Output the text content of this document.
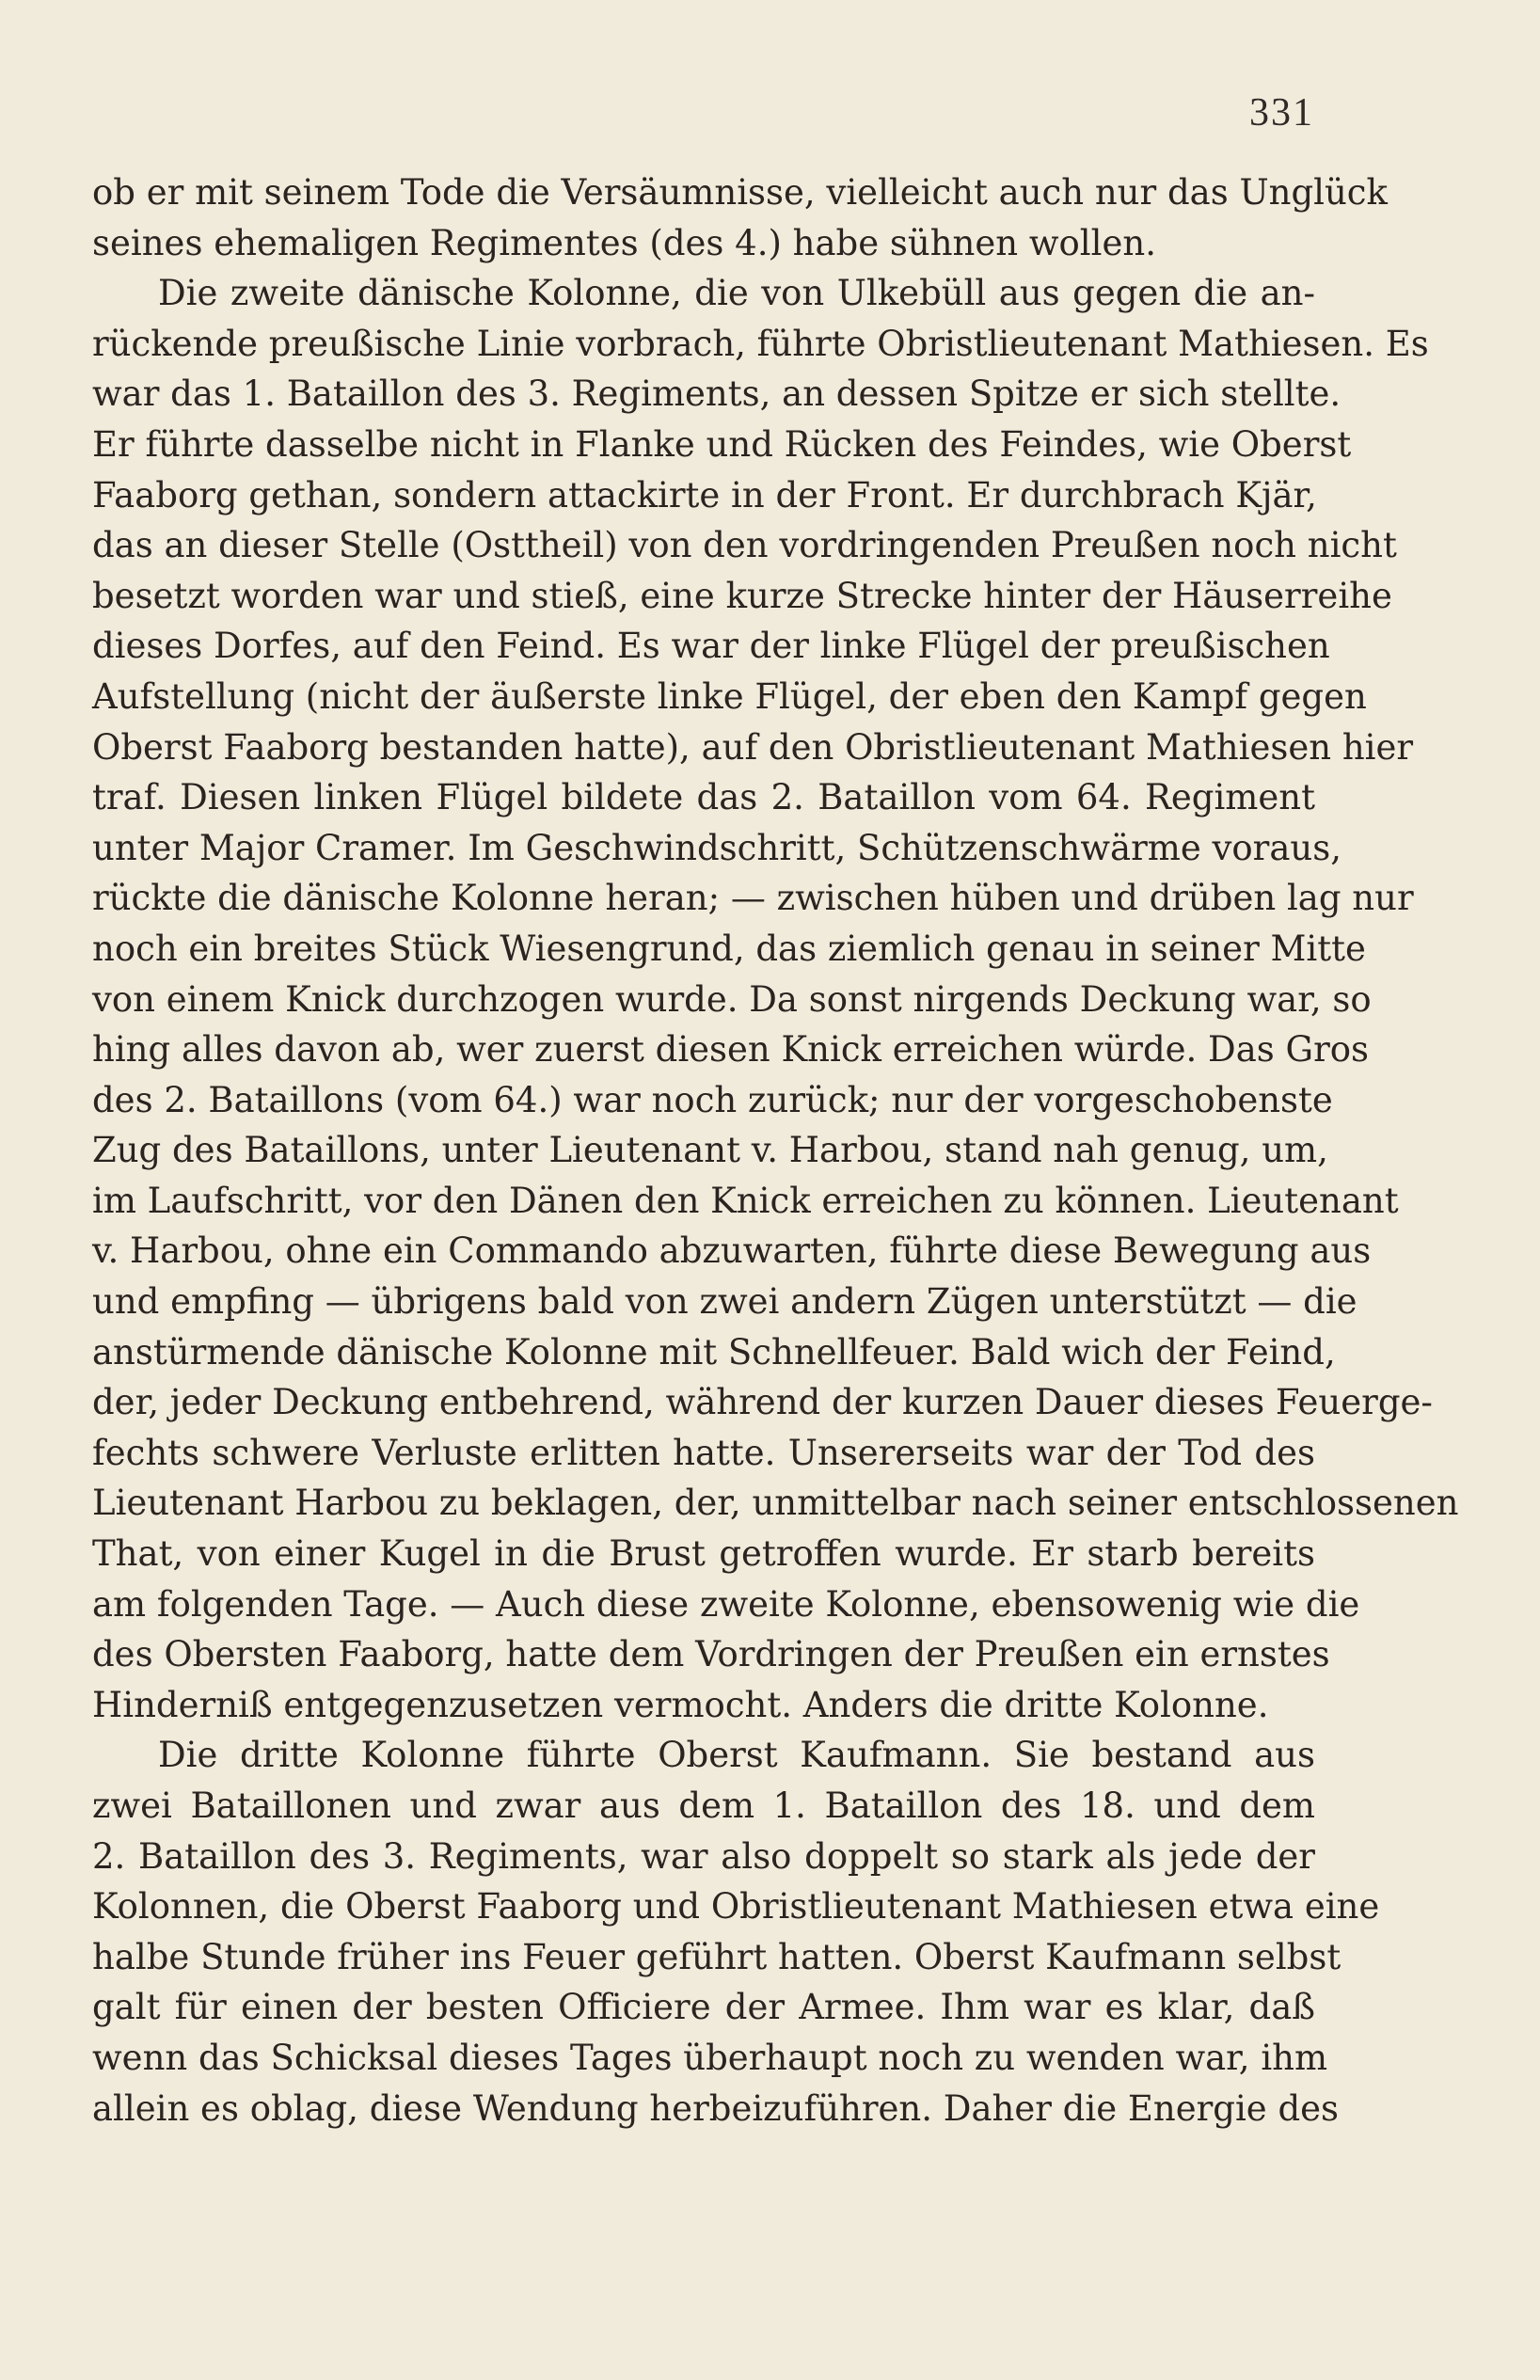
331
ob er mit seinem Tode die Versäumnisse, vielleicht auch nur das Unglück
seines ehemaligen Regimentes (des 4.) habe sühnen wollen.
Die zweite dänische Kolonne, die von Ulkebüll aus gegen die an-
rückende preußische Linie vorbrach, führte Obristlieutenant Mathiesen. Es
war das 1. Bataillon des 3. Regiments, an dessen Spitze er sich stellte.
Er führte dasselbe nicht in Flanke und Rücken des Feindes, wie Oberst
Faaborg gethan, sondern attackirte in der Front. Er durchbrach Kjär,
das an dieser Stelle (Osttheil) von den vordringenden Preußen noch nicht
besetzt worden war und stieß, eine kurze Strecke hinter der Häuserreihe
dieses Dorfes, auf den Feind. Es war der linke Flügel der preußischen
Aufstellung (nicht der äußerste linke Flügel, der eben den Kampf gegen
Oberst Faaborg bestanden hatte), auf den Obristlieutenant Mathiesen hier
traf. Diesen linken Flügel bildete das 2. Bataillon vom 64. Regiment
unter Major Cramer. Im Geschwindschritt, Schützenschwärme voraus,
rückte die dänische Kolonne heran; — zwischen hüben und drüben lag nur
noch ein breites Stück Wiesengrund, das ziemlich genau in seiner Mitte
von einem Knick durchzogen wurde. Da sonst nirgends Deckung war, so
hing alles davon ab, wer zuerst diesen Knick erreichen würde. Das Gros
des 2. Bataillons (vom 64.) war noch zurück; nur der vorgeschobenste
Zug des Bataillons, unter Lieutenant v. Harbou, stand nah genug, um,
im Laufschritt, vor den Dänen den Knick erreichen zu können. Lieutenant
v. Harbou, ohne ein Commando abzuwarten, führte diese Bewegung aus
und empfing — übrigens bald von zwei andern Zügen unterstützt — die
anstürmende dänische Kolonne mit Schnellfeuer. Bald wich der Feind,
der, jeder Deckung entbehrend, während der kurzen Dauer dieses Feuerge-
fechts schwere Verluste erlitten hatte. Unsererseits war der Tod des
Lieutenant Harbou zu beklagen, der, unmittelbar nach seiner entschlossenen
That, von einer Kugel in die Brust getroffen wurde. Er starb bereits
am folgenden Tage. — Auch diese zweite Kolonne, ebensowenig wie die
des Obersten Faaborg, hatte dem Vordringen der Preußen ein ernstes
Hinderniß entgegenzusetzen vermocht. Anders die dritte Kolonne.
Die dritte Kolonne führte Oberst Kaufmann. Sie bestand aus
zwei Bataillonen und zwar aus dem 1. Bataillon des 18. und dem
2. Bataillon des 3. Regiments, war also doppelt so stark als jede der
Kolonnen, die Oberst Faaborg und Obristlieutenant Mathiesen etwa eine
halbe Stunde früher ins Feuer geführt hatten. Oberst Kaufmann selbst
galt für einen der besten Officiere der Armee. Ihm war es klar, daß
wenn das Schicksal dieses Tages überhaupt noch zu wenden war, ihm
allein es oblag, diese Wendung herbeizuführen. Daher die Energie des
